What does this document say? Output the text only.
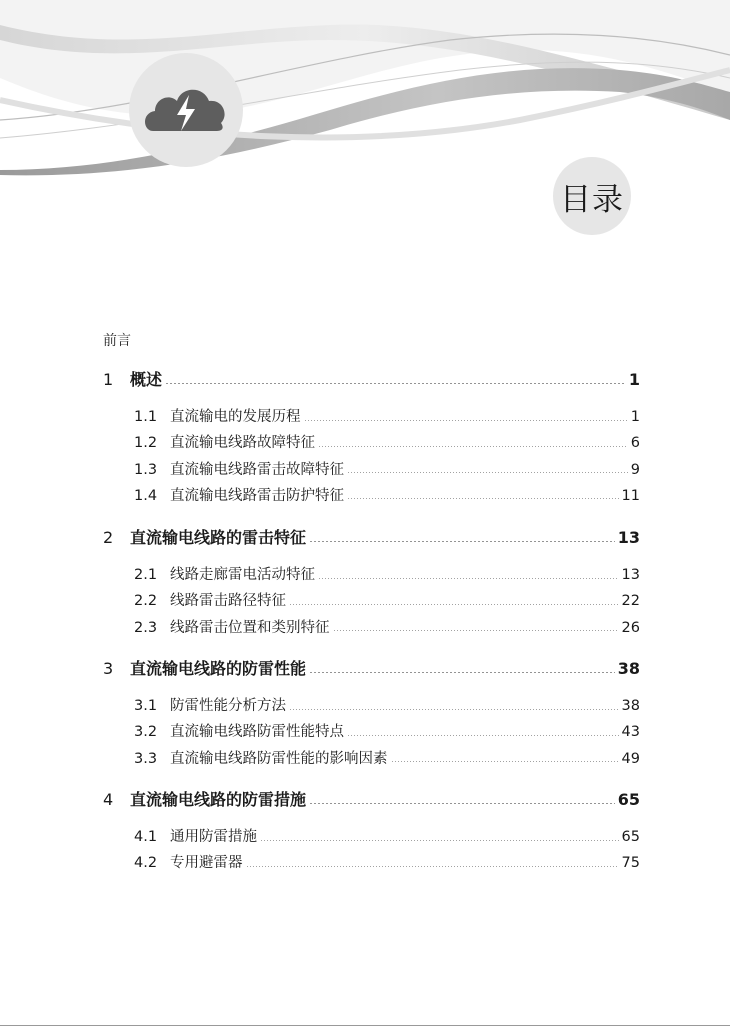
目录
前言
1	概述	1
1.1 直流输电的发展历程	1
1.2 直流输电线路故障特征	6
1.3 直流输电线路雷击故障特征	9
1.4 直流输电线路雷击防护特征	11
2	直流输电线路的雷击特征	13
2.1 线路走廊雷电活动特征	13
2.2 线路雷击路径特征	22
2.3 线路雷击位置和类别特征	26
3	直流输电线路的防雷性能	38
3.1 防雷性能分析方法	38
3.2 直流输电线路防雷性能特点	43
3.3 直流输电线路防雷性能的影响因素	49
4	直流输电线路的防雷措施	65
4.1 通用防雷措施	65
4.2 专用避雷器	75
